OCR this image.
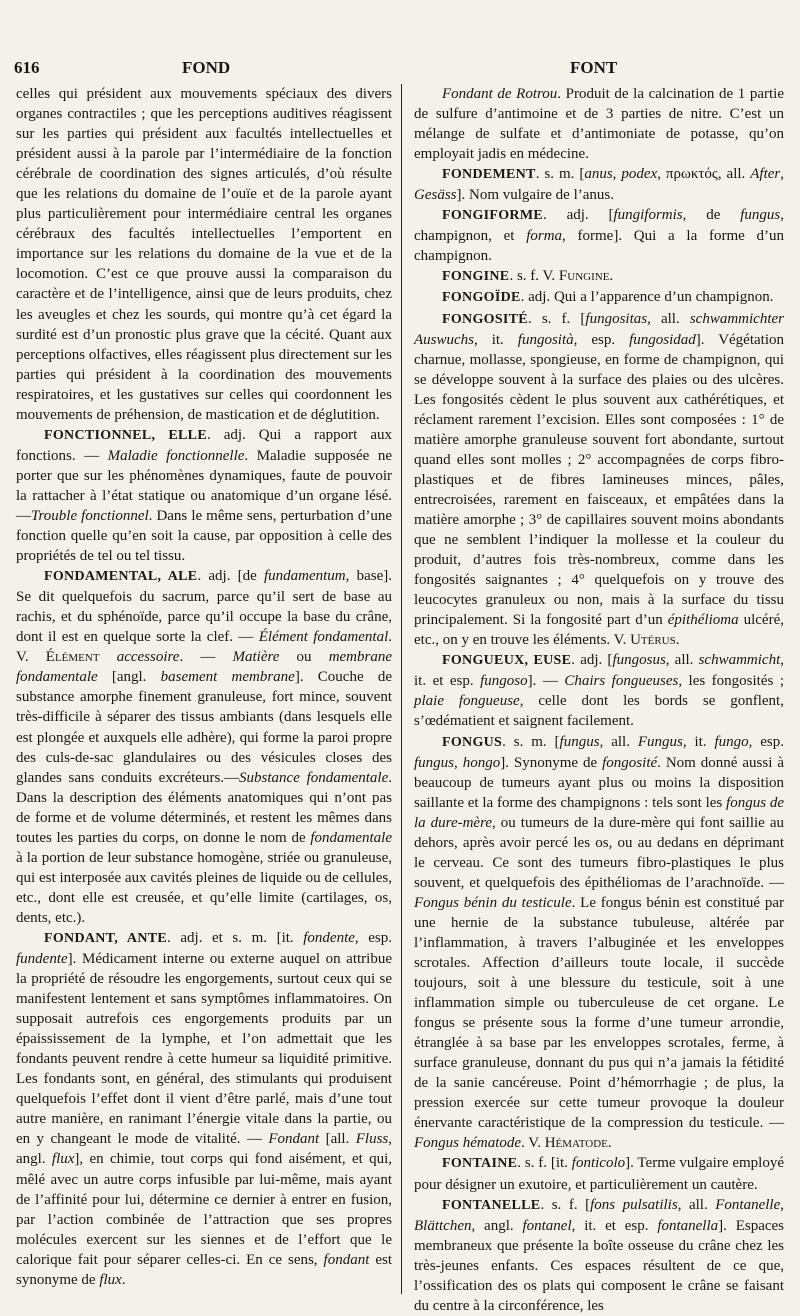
616	FOND	FONT

celles qui président aux mouvements spéciaux des divers organes contractiles ; que les perceptions auditives réagissent sur les parties qui président aux facultés intellectuelles et président aussi à la parole par l’intermédiaire de la fonction cérébrale de coordination des signes articulés, d’où résulte que les relations du domaine de l’ouïe et de la parole ayant plus particulièrement pour intermédiaire central les organes cérébraux des facultés intellectuelles l’emportent en importance sur les relations du domaine de la vue et de la locomotion. C’est ce que prouve aussi la comparaison du caractère et de l’intelligence, ainsi que de leurs produits, chez les aveugles et chez les sourds, qui montre qu’à cet égard la surdité est d’un pronostic plus grave que la cécité. Quant aux perceptions olfactives, elles réagissent plus directement sur les parties qui président à la coordination des mouvements respiratoires, et les gustatives sur celles qui coordonnent les mouvements de préhension, de mastication et de déglutition.

FONCTIONNEL, ELLE. adj. Qui a rapport aux fonctions. — Maladie fonctionnelle. Maladie supposée ne porter que sur les phénomènes dynamiques, faute de pouvoir la rattacher à l’état statique ou anatomique d’un organe lésé.—Trouble fonctionnel. Dans le même sens, perturbation d’une fonction quelle qu’en soit la cause, par opposition à celle des propriétés de tel ou tel tissu.

FONDAMENTAL, ALE. adj. [de fundamentum, base]. Se dit quelquefois du sacrum, parce qu’il sert de base au rachis, et du sphénoïde, parce qu’il occupe la base du crâne, dont il est en quelque sorte la clef. — Élément fondamental. V. Élément accessoire. — Matière ou membrane fondamentale [angl. basement membrane]. Couche de substance amorphe finement granuleuse, fort mince, souvent très-difficile à séparer des tissus ambiants (dans lesquels elle est plongée et auxquels elle adhère), qui forme la paroi propre des culs-de-sac glandulaires ou des vésicules closes des glandes sans conduits excréteurs.—Substance fondamentale. Dans la description des éléments anatomiques qui n’ont pas de forme et de volume déterminés, et restent les mêmes dans toutes les parties du corps, on donne le nom de fondamentale à la portion de leur substance homogène, striée ou granuleuse, qui est interposée aux cavités pleines de liquide ou de cellules, etc., dont elle est creusée, et qu’elle limite (cartilages, os, dents, etc.).

FONDANT, ANTE. adj. et s. m. [it. fondente, esp. fundente]. Médicament interne ou externe auquel on attribue la propriété de résoudre les engorgements, surtout ceux qui se manifestent lentement et sans symptômes inflammatoires. On supposait autrefois ces engorgements produits par un épaississement de la lymphe, et l’on admettait que les fondants peuvent rendre à cette humeur sa liquidité primitive. Les fondants sont, en général, des stimulants qui produisent quelquefois l’effet dont il vient d’être parlé, mais d’une tout autre manière, en ranimant l’énergie vitale dans la partie, ou en y changeant le mode de vitalité. — Fondant [all. Fluss, angl. flux], en chimie, tout corps qui fond aisément, et qui, mêlé avec un autre corps infusible par lui-même, mais ayant de l’affinité pour lui, détermine ce dernier à entrer en fusion, par l’action combinée de l’attraction que ses propres molécules exercent sur les siennes et de l’effort que le calorique fait pour séparer celles-ci. En ce sens, fondant est synonyme de flux.

Fondant de Rotrou. Produit de la calcination de 1 partie de sulfure d’antimoine et de 3 parties de nitre. C’est un mélange de sulfate et d’antimoniate de potasse, qu’on employait jadis en médecine.

FONDEMENT. s. m. [anus, podex, πρωκτός, all. After, Gesäss]. Nom vulgaire de l’anus.

FONGIFORME. adj. [fungiformis, de fungus, champignon, et forma, forme]. Qui a la forme d’un champignon.

FONGINE. s. f. V. Fungine.

FONGOÏDE. adj. Qui a l’apparence d’un champignon.

FONGOSITÉ. s. f. [fungositas, all. schwammichter Auswuchs, it. fungosità, esp. fungosidad]. Végétation charnue, mollasse, spongieuse, en forme de champignon, qui se développe souvent à la surface des plaies ou des ulcères. Les fongosités cèdent le plus souvent aux cathérétiques, et réclament rarement l’excision. Elles sont composées : 1° de matière amorphe granuleuse souvent fort abondante, surtout quand elles sont molles ; 2° accompagnées de corps fibro-plastiques et de fibres lamineuses minces, pâles, entrecroisées, rarement en faisceaux, et empâtées dans la matière amorphe ; 3° de capillaires souvent moins abondants que ne semblent l’indiquer la mollesse et la couleur du produit, d’autres fois très-nombreux, comme dans les fongosités saignantes ; 4° quelquefois on y trouve des leucocytes granuleux ou non, mais à la surface du tissu principalement. Si la fongosité part d’un épithélioma ulcéré, etc., on y en trouve les éléments. V. Utérus.

FONGUEUX, EUSE. adj. [fungosus, all. schwammicht, it. et esp. fungoso]. — Chairs fongueuses, les fongosités ; plaie fongueuse, celle dont les bords se gonflent, s’œdématient et saignent facilement.

FONGUS. s. m. [fungus, all. Fungus, it. fungo, esp. fungus, hongo]. Synonyme de fongosité. Nom donné aussi à beaucoup de tumeurs ayant plus ou moins la disposition saillante et la forme des champignons : tels sont les fongus de la dure-mère, ou tumeurs de la dure-mère qui font saillie au dehors, après avoir percé les os, ou au dedans en déprimant le cerveau. Ce sont des tumeurs fibro-plastiques le plus souvent, et quelquefois des épithéliomas de l’arachnoïde. — Fongus bénin du testicule. Le fongus bénin est constitué par une hernie de la substance tubuleuse, altérée par l’inflammation, à travers l’albuginée et les enveloppes scrotales. Affection d’ailleurs toute locale, il succède toujours, soit à une blessure du testicule, soit à une inflammation simple ou tuberculeuse de cet organe. Le fongus se présente sous la forme d’une tumeur arrondie, étranglée à sa base par les enveloppes scrotales, ferme, à surface granuleuse, donnant du pus qui n’a jamais la fétidité de la sanie cancéreuse. Point d’hémorrhagie ; de plus, la pression exercée sur cette tumeur provoque la douleur énervante caractéristique de la compression du testicule. — Fongus hématode. V. Hématode.

FONTAINE. s. f. [it. fonticolo]. Terme vulgaire employé pour désigner un exutoire, et particulièrement un cautère.

FONTANELLE. s. f. [fons pulsatilis, all. Fontanelle, Blättchen, angl. fontanel, it. et esp. fontanella]. Espaces membraneux que présente la boîte osseuse du crâne chez les très-jeunes enfants. Ces espaces résultent de ce que, l’ossification des os plats qui composent le crâne se faisant du centre à la circonférence, les
